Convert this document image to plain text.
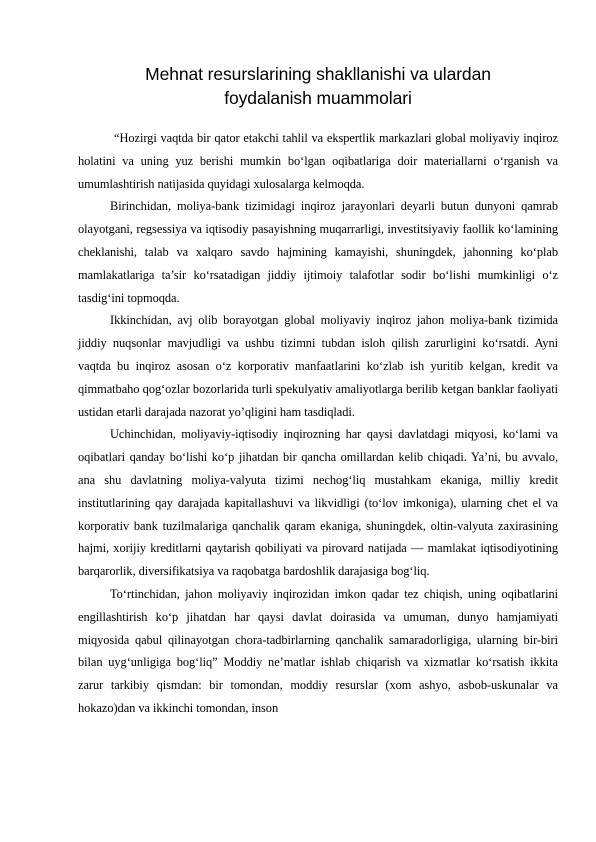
Mehnat resurslarining shakllanishi va ulardan
foydalanish muammolari

“Hozirgi vaqtda bir qator etakchi tahlil va ekspertlik markazlari global moliyaviy inqiroz holatini va uning yuz berishi mumkin bo‘lgan oqibatlariga doir materiallarni o‘rganish va umumlashtirish natijasida quyidagi xulosalarga kelmoqda.

Birinchidan, moliya-bank tizimidagi inqiroz jarayonlari deyarli butun dunyoni qamrab olayotgani, regsessiya va iqtisodiy pasayishning muqarrarligi, investitsiyaviy faollik ko‘lamining cheklanishi, talab va xalqaro savdo hajmining kamayishi, shuningdek, jahonning ko‘plab mamlakatlariga ta’sir ko‘rsatadigan jiddiy ijtimoiy talafotlar sodir bo‘lishi mumkinligi o‘z tasdig‘ini topmoqda.

Ikkinchidan, avj olib borayotgan global moliyaviy inqiroz jahon moliya-bank tizimida jiddiy nuqsonlar mavjudligi va ushbu tizimni tubdan isloh qilish zarurligini ko‘rsatdi. Ayni vaqtda bu inqiroz asosan o‘z korporativ manfaatlarini ko‘zlab ish yuritib kelgan, kredit va qimmatbaho qog‘ozlar bozorlarida turli spekulyativ amaliyotlarga berilib ketgan banklar faoliyati ustidan etarli darajada nazorat yo’qligini ham tasdiqladi.

Uchinchidan, moliyaviy-iqtisodiy inqirozning har qaysi davlatdagi miqyosi, ko‘lami va oqibatlari qanday bo‘lishi ko‘p jihatdan bir qancha omillardan kelib chiqadi. Ya’ni, bu avvalo, ana shu davlatning moliya-valyuta tizimi nechog‘liq mustahkam ekaniga, milliy kredit institutlarining qay darajada kapitallashuvi va likvidligi (to‘lov imkoniga), ularning chet el va korporativ bank tuzilmalariga qanchalik qaram ekaniga, shuningdek, oltin-valyuta zaxirasining hajmi, xorijiy kreditlarni qaytarish qobiliyati va pirovard natijada — mamlakat iqtisodiyotining barqarorlik, diversifikatsiya va raqobatga bardoshlik darajasiga bog‘liq.

To‘rtinchidan, jahon moliyaviy inqirozidan imkon qadar tez chiqish, uning oqibatlarini engillashtirish ko‘p jihatdan har qaysi davlat doirasida va umuman, dunyo hamjamiyati miqyosida qabul qilinayotgan chora-tadbirlarning qanchalik samaradorligiga, ularning bir-biri bilan uyg‘unligiga bog‘liq” Moddiy ne’matlar ishlab chiqarish va xizmatlar ko‘rsatish ikkita zarur tarkibiy qismdan: bir tomondan, moddiy resurslar (xom ashyo, asbob-uskunalar va hokazo)dan va ikkinchi tomondan, inson
